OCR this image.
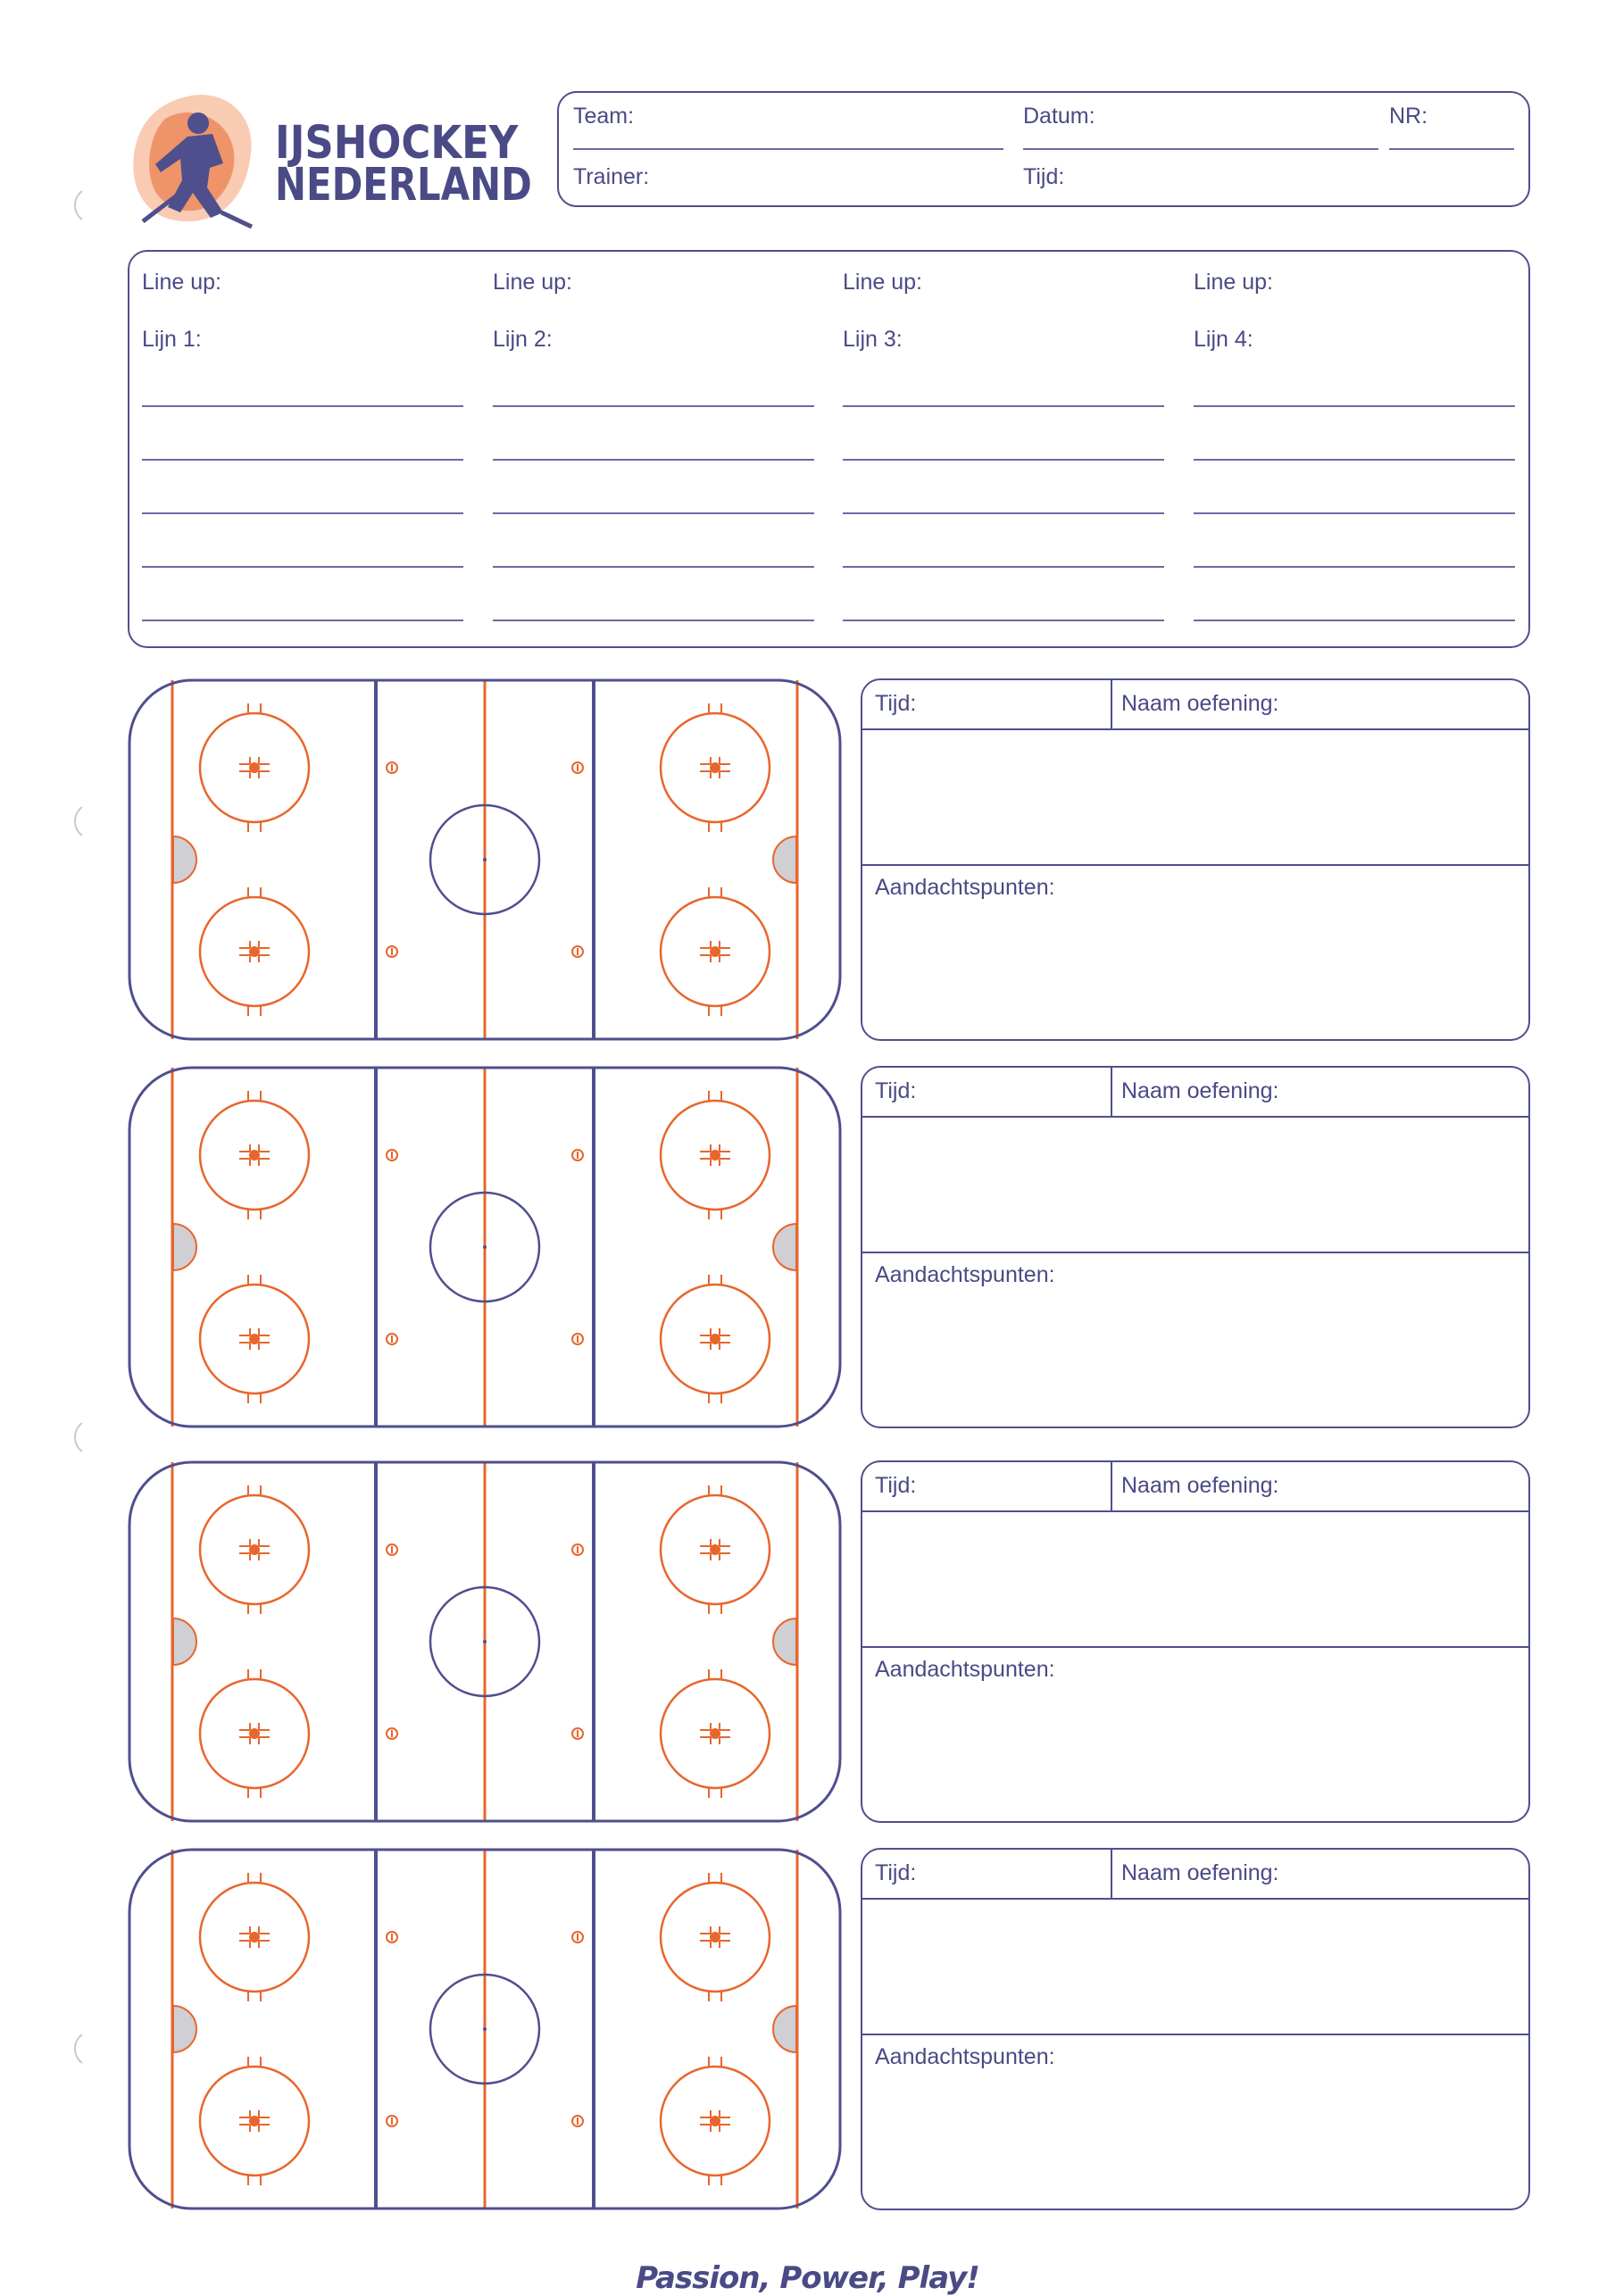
IJSHOCKEY
NEDERLAND
Team:	Datum:	NR:
Trainer:	Tijd:
Line up:
Lijn 1:
Line up:
Lijn 2:
Line up:
Lijn 3:
Line up:
Lijn 4:
Tijd:	Naam oefening:
Aandachtspunten:
Tijd:	Naam oefening:
Aandachtspunten:
Tijd:	Naam oefening:
Aandachtspunten:
Tijd:	Naam oefening:
Aandachtspunten:
Passion, Power, Play!
